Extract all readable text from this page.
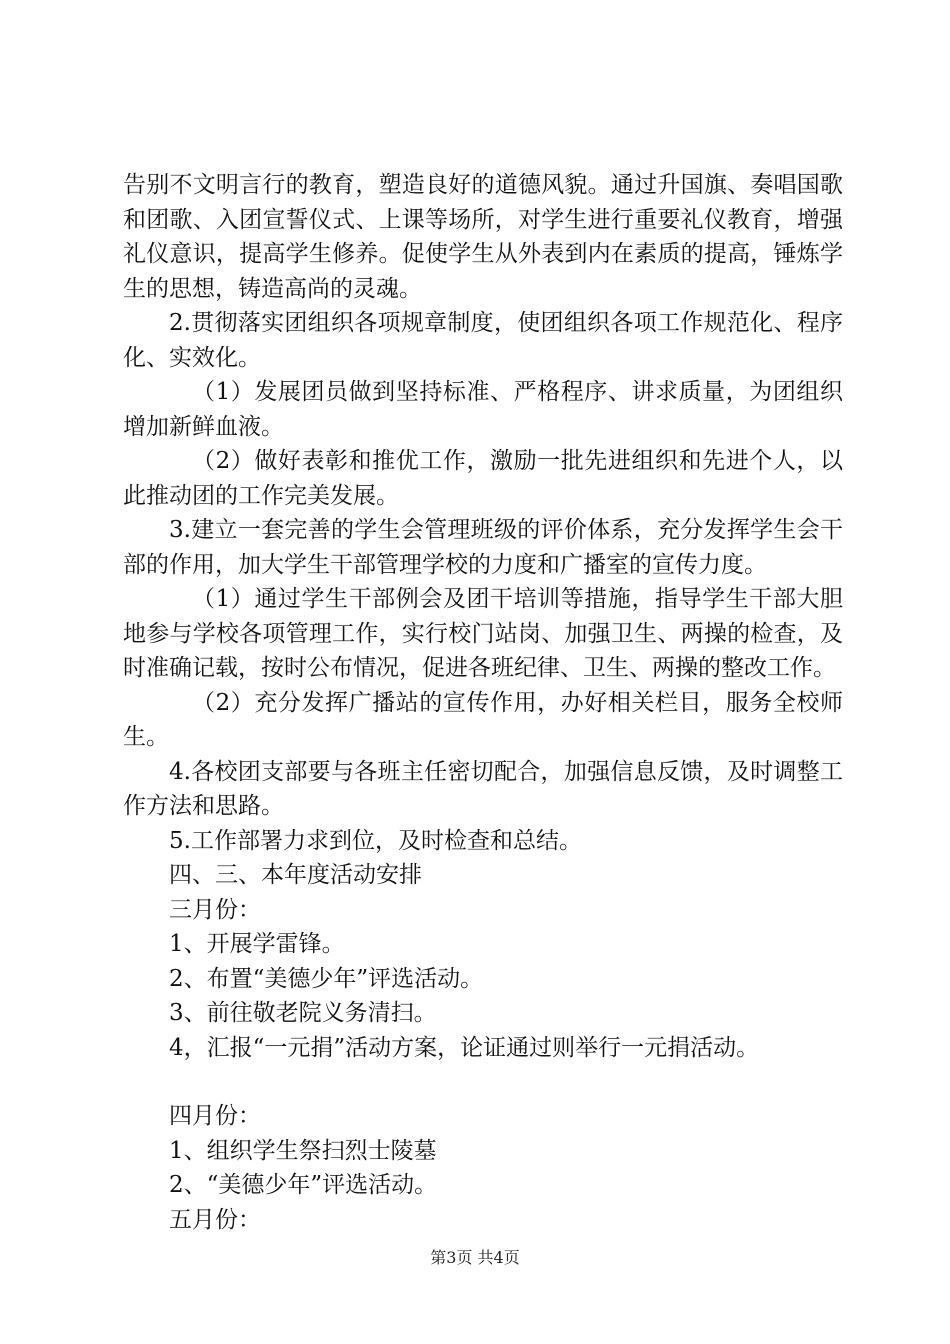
告别不文明言行的教育，塑造良好的道德风貌。通过升国旗、奏唱国歌和团歌、入团宣誓仪式、上课等场所，对学生进行重要礼仪教育，增强礼仪意识，提高学生修养。促使学生从外表到内在素质的提高，锤炼学生的思想，铸造高尚的灵魂。

2.贯彻落实团组织各项规章制度，使团组织各项工作规范化、程序化、实效化。

（1）发展团员做到坚持标准、严格程序、讲求质量，为团组织增加新鲜血液。

（2）做好表彰和推优工作，激励一批先进组织和先进个人，以此推动团的工作完美发展。

3.建立一套完善的学生会管理班级的评价体系，充分发挥学生会干部的作用，加大学生干部管理学校的力度和广播室的宣传力度。

（1）通过学生干部例会及团干培训等措施，指导学生干部大胆地参与学校各项管理工作，实行校门站岗、加强卫生、两操的检查，及时准确记载，按时公布情况，促进各班纪律、卫生、两操的整改工作。

（2）充分发挥广播站的宣传作用，办好相关栏目，服务全校师生。

4.各校团支部要与各班主任密切配合，加强信息反馈，及时调整工作方法和思路。

5.工作部署力求到位，及时检查和总结。

四、三、本年度活动安排

三月份：

1、开展学雷锋。

2、布置“美德少年”评选活动。

3、前往敬老院义务清扫。

4，汇报“一元捐”活动方案，论证通过则举行一元捐活动。

四月份：

1、组织学生祭扫烈士陵墓

2、“美德少年”评选活动。

五月份：

第3页 共4页
